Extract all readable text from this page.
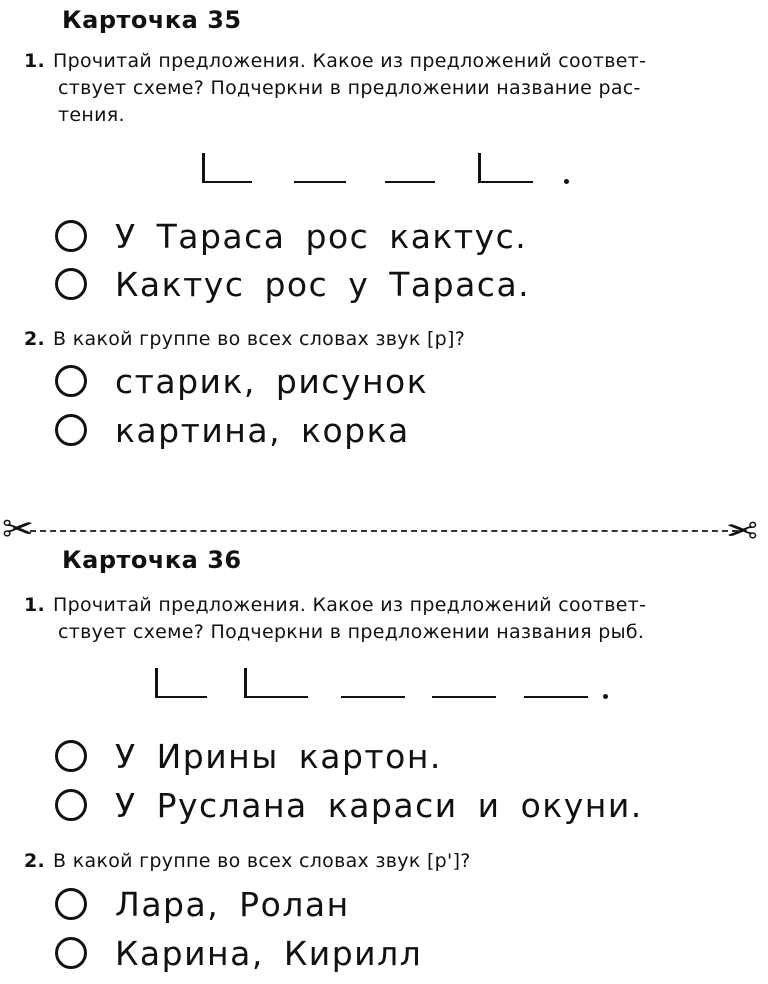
Карточка 35
1. Прочитай предложения. Какое из предложений соответ-
ствует схеме? Подчеркни в предложении название рас-
тения.
У Тараса рос кактус.
Кактус рос у Тараса.
2. В какой группе во всех словах звук [р]?
старик, рисунок
картина, корка
✂	✂
Карточка 36
1. Прочитай предложения. Какое из предложений соответ-
ствует схеме? Подчеркни в предложении названия рыб.
У Ирины картон.
У Руслана караси и окуни.
2. В какой группе во всех словах звук [р']?
Лара, Ролан
Карина, Кирилл
